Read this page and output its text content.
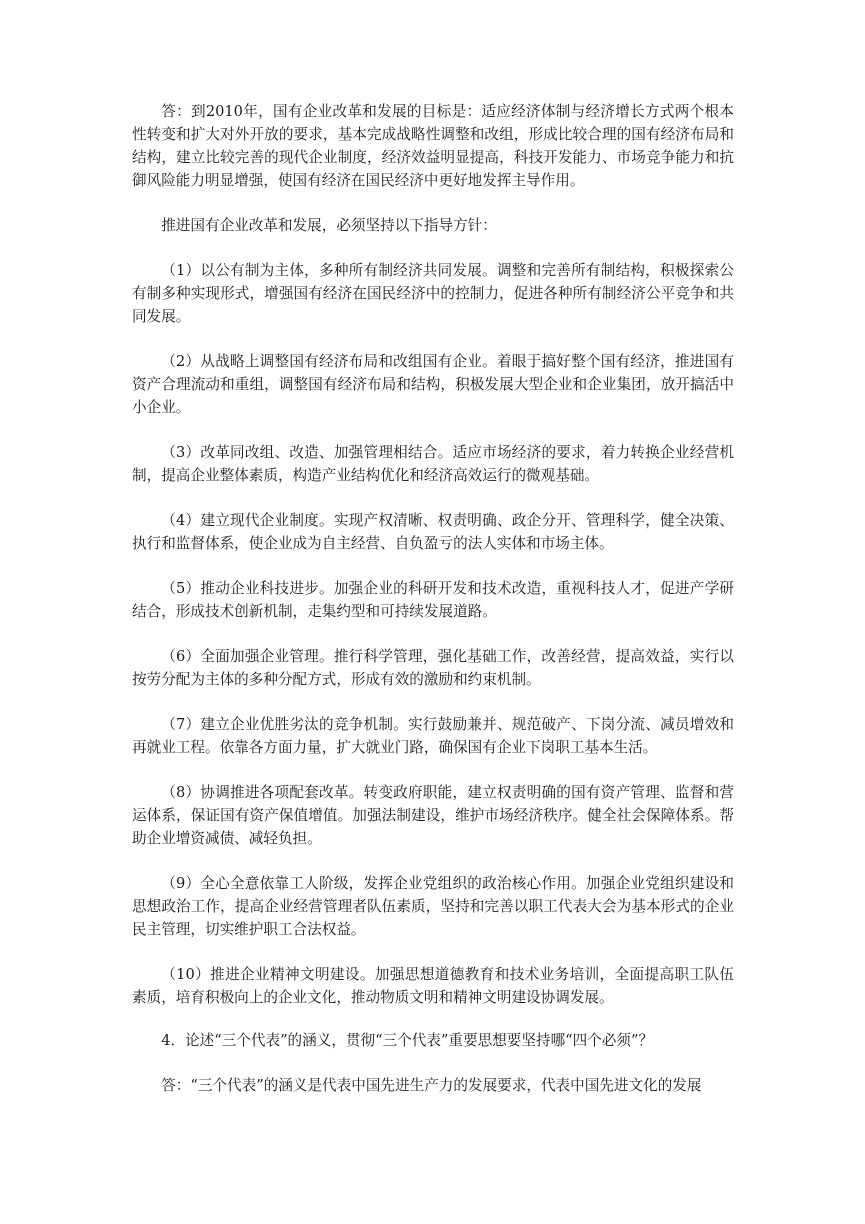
答：到2010年，国有企业改革和发展的目标是：适应经济体制与经济增长方式两个根本性转变和扩大对外开放的要求，基本完成战略性调整和改组，形成比较合理的国有经济布局和结构，建立比较完善的现代企业制度，经济效益明显提高，科技开发能力、市场竞争能力和抗御风险能力明显增强，使国有经济在国民经济中更好地发挥主导作用。

推进国有企业改革和发展，必须坚持以下指导方针：

（1）以公有制为主体，多种所有制经济共同发展。调整和完善所有制结构，积极探索公有制多种实现形式，增强国有经济在国民经济中的控制力，促进各种所有制经济公平竞争和共同发展。

（2）从战略上调整国有经济布局和改组国有企业。着眼于搞好整个国有经济，推进国有资产合理流动和重组，调整国有经济布局和结构，积极发展大型企业和企业集团，放开搞活中小企业。

（3）改革同改组、改造、加强管理相结合。适应市场经济的要求，着力转换企业经营机制，提高企业整体素质，构造产业结构优化和经济高效运行的微观基础。

（4）建立现代企业制度。实现产权清晰、权责明确、政企分开、管理科学，健全决策、执行和监督体系，使企业成为自主经营、自负盈亏的法人实体和市场主体。

（5）推动企业科技进步。加强企业的科研开发和技术改造，重视科技人才，促进产学研结合，形成技术创新机制，走集约型和可持续发展道路。

（6）全面加强企业管理。推行科学管理，强化基础工作，改善经营，提高效益，实行以按劳分配为主体的多种分配方式，形成有效的激励和约束机制。

（7）建立企业优胜劣汰的竞争机制。实行鼓励兼并、规范破产、下岗分流、减员增效和再就业工程。依靠各方面力量，扩大就业门路，确保国有企业下岗职工基本生活。

（8）协调推进各项配套改革。转变政府职能，建立权责明确的国有资产管理、监督和营运体系，保证国有资产保值增值。加强法制建设，维护市场经济秩序。健全社会保障体系。帮助企业增资减债、减轻负担。

（9）全心全意依靠工人阶级，发挥企业党组织的政治核心作用。加强企业党组织建设和思想政治工作，提高企业经营管理者队伍素质，坚持和完善以职工代表大会为基本形式的企业民主管理，切实维护职工合法权益。

（10）推进企业精神文明建设。加强思想道德教育和技术业务培训，全面提高职工队伍素质，培育积极向上的企业文化，推动物质文明和精神文明建设协调发展。

4．论述“三个代表”的涵义，贯彻“三个代表”重要思想要坚持哪“四个必须”？

答：“三个代表”的涵义是代表中国先进生产力的发展要求，代表中国先进文化的发展
